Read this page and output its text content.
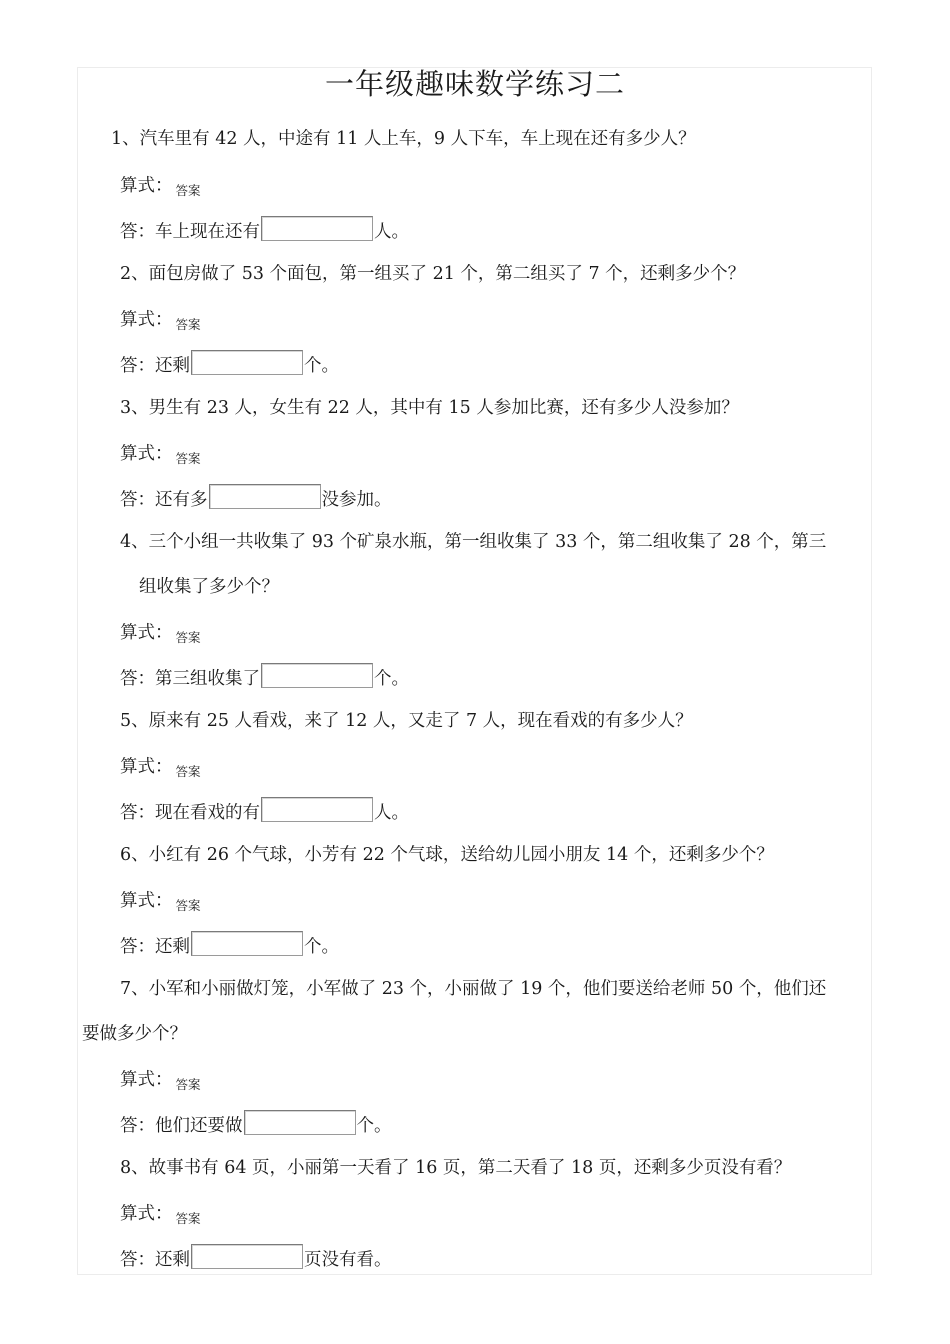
一年级趣味数学练习二
1、汽车里有 42 人，中途有 11 人上车，9 人下车，车上现在还有多少人？
算式： $_{答案}$
答：车上现在还有	人。
2、面包房做了 53 个面包，第一组买了 21 个，第二组买了 7 个，还剩多少个？
算式： $_{答案}$
答：还剩	个。
3、男生有 23 人，女生有 22 人，其中有 15 人参加比赛，还有多少人没参加？
算式： $_{答案}$
答：还有多	没参加。
4、三个小组一共收集了 93 个矿泉水瓶，第一组收集了 33 个，第二组收集了 28 个，第三
组收集了多少个？
算式： $_{答案}$
答：第三组收集了	个。
5、原来有 25 人看戏，来了 12 人，又走了 7 人，现在看戏的有多少人？
算式： $_{答案}$
答：现在看戏的有	人。
6、小红有 26 个气球，小芳有 22 个气球，送给幼儿园小朋友 14 个，还剩多少个？
算式： $_{答案}$
答：还剩	个。
7、小军和小丽做灯笼，小军做了 23 个，小丽做了 19 个，他们要送给老师 50 个，他们还
要做多少个？
算式： $_{答案}$
答：他们还要做	个。
8、故事书有 64 页，小丽第一天看了 16 页，第二天看了 18 页，还剩多少页没有看？
算式： $_{答案}$
答：还剩	页没有看。
